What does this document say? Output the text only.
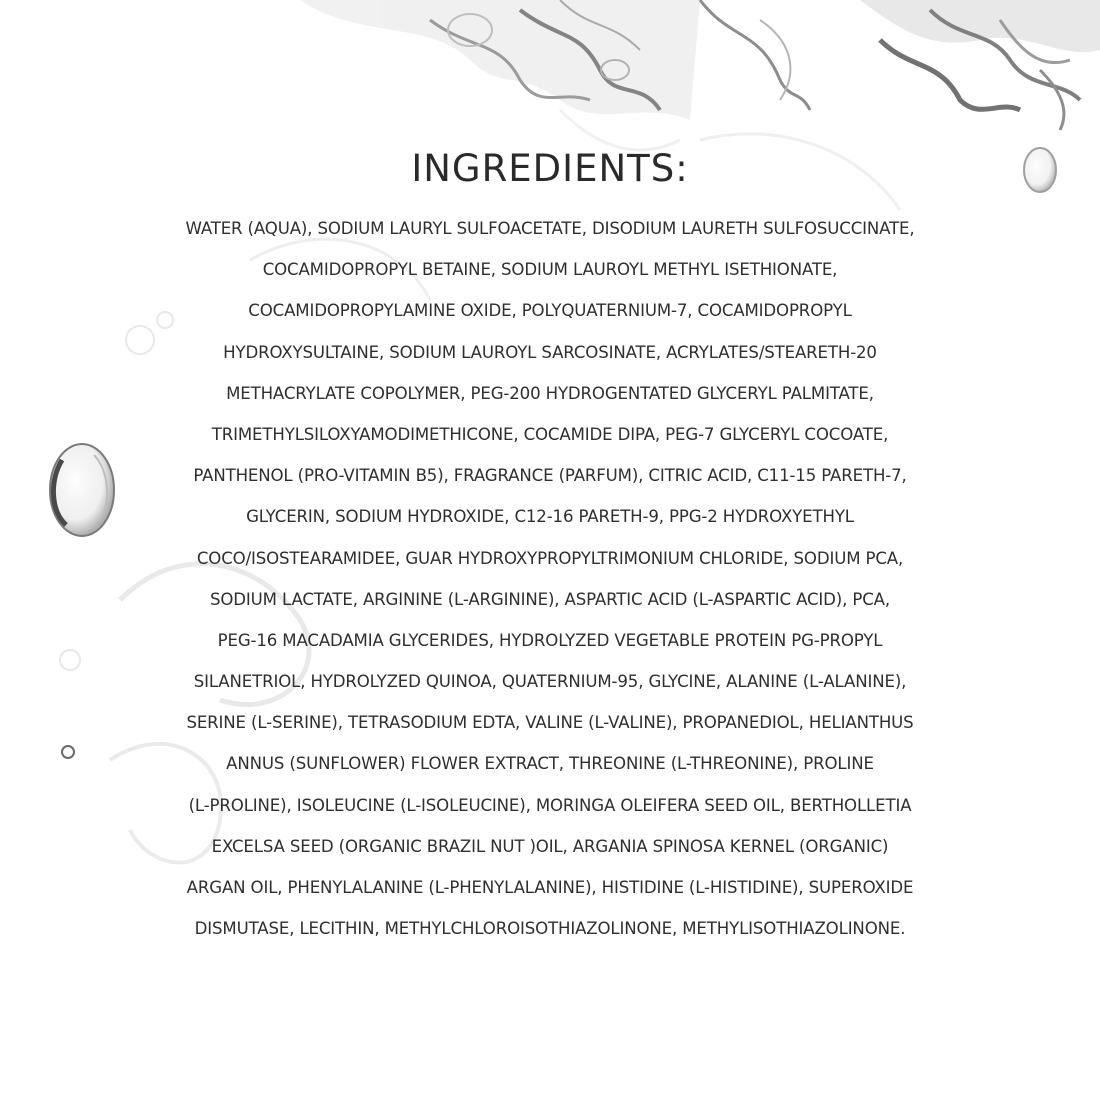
INGREDIENTS:
WATER (AQUA), SODIUM LAURYL SULFOACETATE, DISODIUM LAURETH SULFOSUCCINATE,
COCAMIDOPROPYL BETAINE, SODIUM LAUROYL METHYL ISETHIONATE,
COCAMIDOPROPYLAMINE OXIDE, POLYQUATERNIUM-7, COCAMIDOPROPYL
HYDROXYSULTAINE, SODIUM LAUROYL SARCOSINATE, ACRYLATES/STEARETH-20
METHACRYLATE COPOLYMER, PEG-200 HYDROGENTATED GLYCERYL PALMITATE,
TRIMETHYLSILOXYAMODIMETHICONE, COCAMIDE DIPA, PEG-7 GLYCERYL COCOATE,
PANTHENOL (PRO-VITAMIN B5), FRAGRANCE (PARFUM), CITRIC ACID, C11-15 PARETH-7,
GLYCERIN, SODIUM HYDROXIDE, C12-16 PARETH-9, PPG-2 HYDROXYETHYL
COCO/ISOSTEARAMIDEE, GUAR HYDROXYPROPYLTRIMONIUM CHLORIDE, SODIUM PCA,
SODIUM LACTATE, ARGININE (L-ARGININE), ASPARTIC ACID (L-ASPARTIC ACID), PCA,
PEG-16 MACADAMIA GLYCERIDES, HYDROLYZED VEGETABLE PROTEIN PG-PROPYL
SILANETRIOL, HYDROLYZED QUINOA, QUATERNIUM-95, GLYCINE, ALANINE (L-ALANINE),
SERINE (L-SERINE), TETRASODIUM EDTA, VALINE (L-VALINE), PROPANEDIOL, HELIANTHUS
ANNUS (SUNFLOWER) FLOWER EXTRACT, THREONINE (L-THREONINE), PROLINE
(L-PROLINE), ISOLEUCINE (L-ISOLEUCINE), MORINGA OLEIFERA SEED OIL, BERTHOLLETIA
EXCELSA SEED (ORGANIC BRAZIL NUT )OIL, ARGANIA SPINOSA KERNEL (ORGANIC)
ARGAN OIL, PHENYLALANINE (L-PHENYLALANINE), HISTIDINE (L-HISTIDINE), SUPEROXIDE
DISMUTASE, LECITHIN, METHYLCHLOROISOTHIAZOLINONE, METHYLISOTHIAZOLINONE.
